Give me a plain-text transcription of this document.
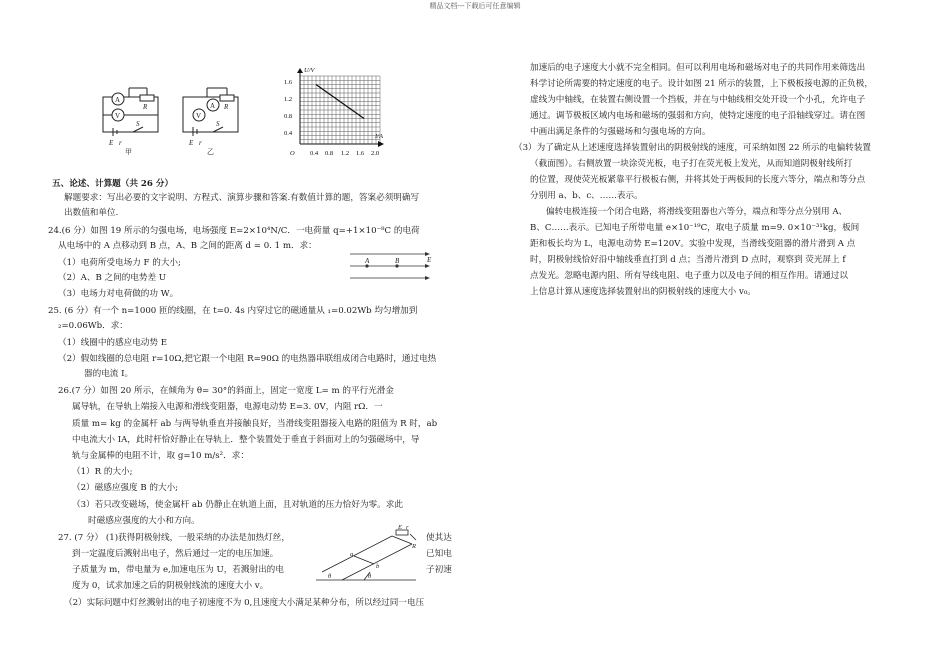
精品文档---下载后可任意编辑
A
V
R
S
E r
甲
A
V
R
S
E r
乙
U/V
I/A
O
1.6
1.2
0.8
0.4
0.4 0.8 1.2 1.6 2.0
五、论述、计算题（共 26 分）
解题要求：写出必要的文字说明、方程式、演算步骤和答案.有数值计算的题，答案必须明确写
出数值和单位.
24.(6 分）如图 19 所示的匀强电场，电场强度 E=2×10⁴N/C．一电荷量 q=+1×10⁻⁸C 的电荷
从电场中的 A 点移动到 B 点，A、B 之间的距离 d = 0. 1 m．求：
（1）电荷所受电场力 F 的大小;
（2）A、B 之间的电势差 U
（3）电场力对电荷做的功 W。
A	B	E
25. (6 分）有一个 n=1000 匝的线圈，在 t=0. 4s 内穿过它的磁通量从 ₁=0.02Wb 均匀增加到
₂=0.06Wb．求：
（1）线圈中的感应电动势 E
（2）假如线圈的总电阻 r=10Ω,把它跟一个电阻 R=90Ω 的电热器串联组成闭合电路时，通过电热
器的电流 I。
26.(7 分）如图 20 所示，在倾角为 θ= 30°的斜面上，固定一宽度 L= m 的平行光滑金
属导轨，在导轨上端接入电源和滑线变阻器，电源电动势 E=3. 0V，内阻 rΩ．一
质量 m= kg 的金属杆 ab 与两导轨垂直并接触良好，当滑线变阻器接入电路的阻值为 R 时，ab
中电流大小 IA，此时杆恰好静止在导轨上．整个装置处于垂直于斜面对上的匀强磁场中，导
轨与金属棒的电阻不计，取 g=10 m/s²．求：
（1）R 的大小;
（2）磁感应强度 B 的大小;
（3）若只改变磁场，使金属杆 ab 仍静止在轨道上面，且对轨道的压力恰好为零。求此
时磁感应强度的大小和方向。
27. (7 分） (1)获得阴极射线，一般采纳的办法是加热灯丝，
到一定温度后溅射出电子，然后通过一定的电压加速。
子质量为 m，带电量为 e,加速电压为 U，若溅射出的电
度为 0，试求加速之后的阴极射线流的速度大小 v。
使其达
已知电
子初速
（2）实际问题中灯丝溅射出的电子初速度不为 0,且速度大小满足某种分布，所以经过同一电压
θ	θ
a
b
E r
R
加速后的电子速度大小就不完全相同。但可以利用电场和磁场对电子的共同作用来筛选出
科学讨论所需要的特定速度的电子。设计如图 21 所示的装置，上下极板接电源的正负极，
虚线为中轴线，在装置右侧设置一个挡板，并在与中轴线相交处开设一个小孔，允许电子
通过。调节极板区域内电场和磁场的强弱和方向，使特定速度的电子沿轴线穿过。请在图
中画出满足条件的匀强磁场和匀强电场的方向。
（3）为了确定从上述速度选择装置射出的阴极射线的速度，可采纳如图 22 所示的电偏转装置
（截面图）。右侧放置一块涂荧光板，电子打在荧光板上发光，从而知道阴极射线所打
的位置，现使荧光板紧靠平行极板右侧，并将其处于两板间的长度六等分，端点和等分点
分别用 a、b、c、……表示。
偏转电极连接一个闭合电路，将滑线变阻器也六等分，端点和等分点分别用 A、
B、C……表示。已知电子所带电量 e×10⁻¹⁹C，取电子质量 m=9. 0×10⁻³¹kg，板间
距和板长均为 L，电源电动势 E=120V。实验中发现，当滑线变阻器的滑片滑到 A 点
时，阴极射线恰好沿中轴线垂直打到 d 点；当滑片滑到 D 点时，观察到 荧光屏上 f
点发光。忽略电源内阻、所有导线电阻、电子重力以及电子间的相互作用。请通过以
上信息计算从速度选择装置射出的阴极射线的速度大小 v₀。
